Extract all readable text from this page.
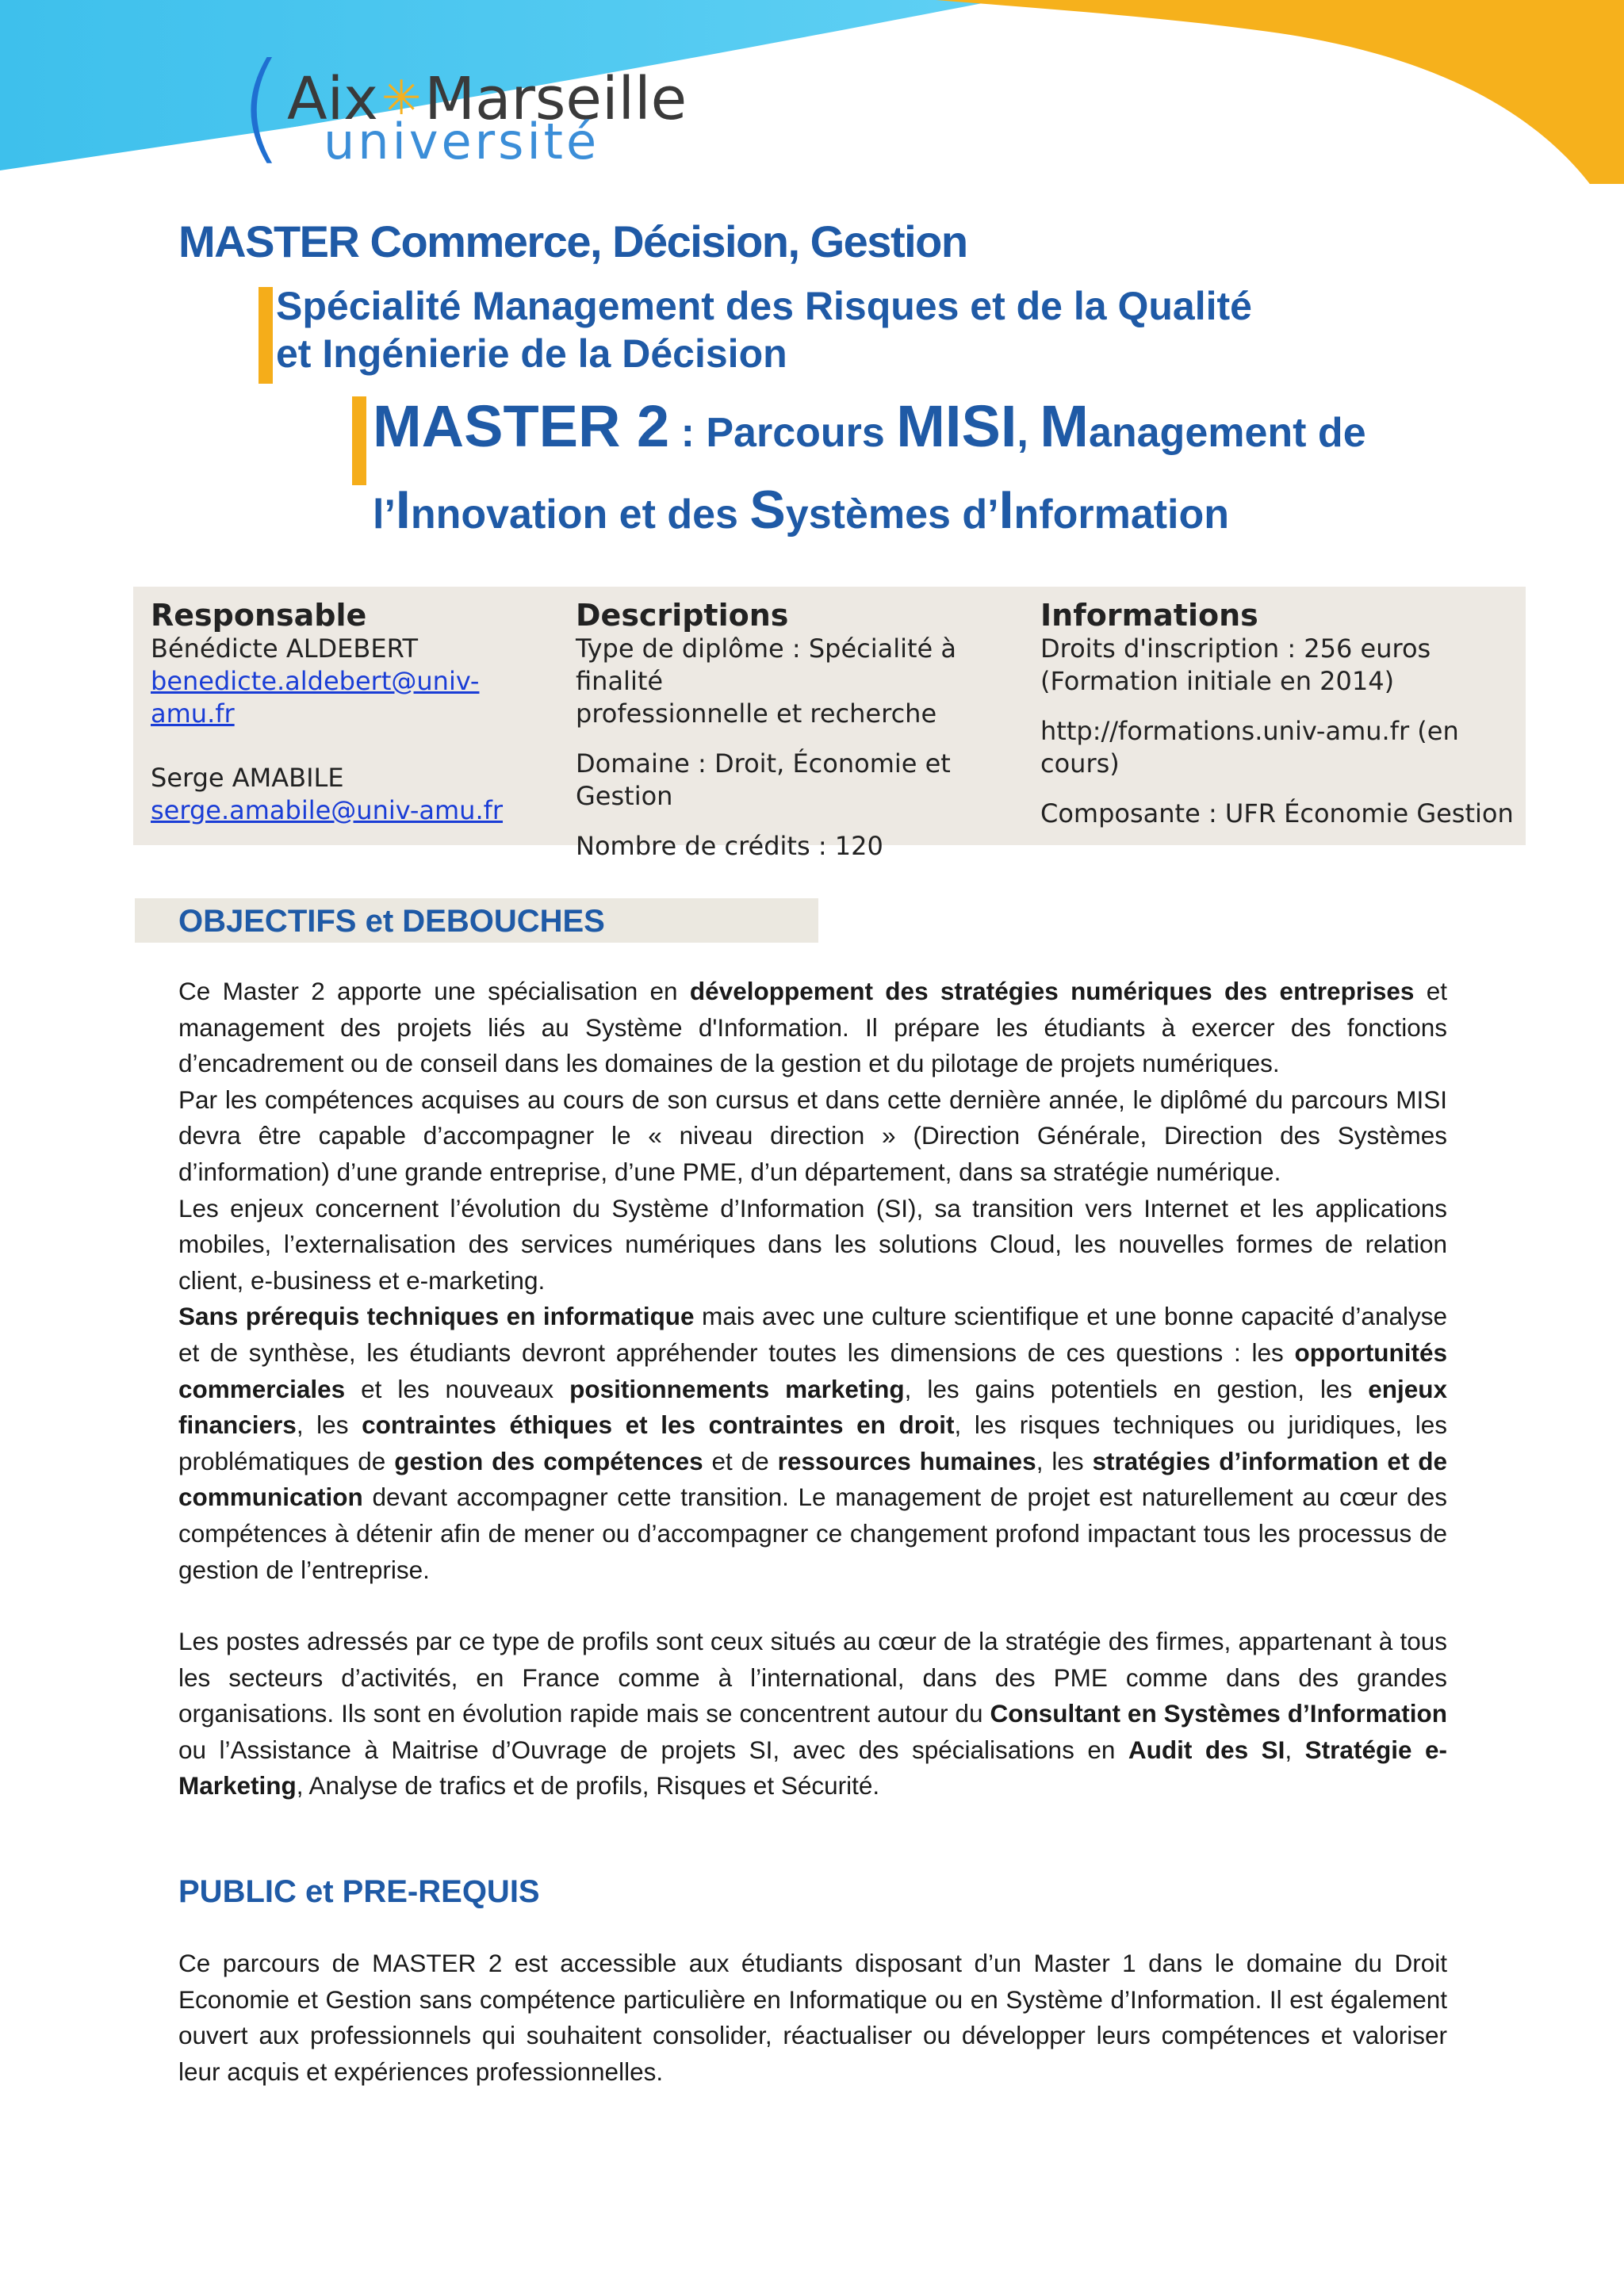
( Aix✳Marseille
université
MASTER Commerce, Décision, Gestion
Spécialité Management des Risques et de la Qualité
et Ingénierie de la Décision
MASTER 2 : Parcours MISI, Management de
l’Innovation et des Systèmes d’Information
Responsable
Bénédicte ALDEBERT
benedicte.aldebert@univ-amu.fr
Serge AMABILE
serge.amabile@univ-amu.fr
Descriptions
Type de diplôme : Spécialité à finalité
professionnelle et recherche
Domaine : Droit, Économie et Gestion
Nombre de crédits : 120
Informations
Droits d'inscription : 256 euros
(Formation initiale en 2014)
http://formations.univ-amu.fr (en cours)
Composante : UFR Économie Gestion
OBJECTIFS et DEBOUCHES
Ce Master 2 apporte une spécialisation en développement des stratégies numériques des entreprises et management des projets liés au Système d'Information. Il prépare les étudiants à exercer des fonctions d’encadrement ou de conseil dans les domaines de la gestion et du pilotage de projets numériques.
Par les compétences acquises au cours de son cursus et dans cette dernière année, le diplômé du parcours MISI devra être capable d’accompagner le « niveau direction » (Direction Générale, Direction des Systèmes d’information) d’une grande entreprise, d’une PME, d’un département, dans sa stratégie numérique.
Les enjeux concernent l’évolution du Système d’Information (SI), sa transition vers Internet et les applications mobiles, l’externalisation des services numériques dans les solutions Cloud, les nouvelles formes de relation client, e-business et e-marketing.
Sans prérequis techniques en informatique mais avec une culture scientifique et une bonne capacité d’analyse et de synthèse, les étudiants devront appréhender toutes les dimensions de ces questions : les opportunités commerciales et les nouveaux positionnements marketing, les gains potentiels en gestion, les enjeux financiers, les contraintes éthiques et les contraintes en droit, les risques techniques ou juridiques, les problématiques de gestion des compétences et de ressources humaines, les stratégies d’information et de communication devant accompagner cette transition. Le management de projet est naturellement au cœur des compétences à détenir afin de mener ou d’accompagner ce changement profond impactant tous les processus de gestion de l’entreprise.
Les postes adressés par ce type de profils sont ceux situés au cœur de la stratégie des firmes, appartenant à tous les secteurs d’activités, en France comme à l’international, dans des PME comme dans des grandes organisations. Ils sont en évolution rapide mais se concentrent autour du Consultant en Systèmes d’Information ou l’Assistance à Maitrise d’Ouvrage de projets SI, avec des spécialisations en Audit des SI, Stratégie e-Marketing, Analyse de trafics et de profils, Risques et Sécurité.
PUBLIC et PRE-REQUIS
Ce parcours de MASTER 2 est accessible aux étudiants disposant d’un Master 1 dans le domaine du Droit Economie et Gestion sans compétence particulière en Informatique ou en Système d’Information. Il est également ouvert aux professionnels qui souhaitent consolider, réactualiser ou développer leurs compétences et valoriser leur acquis et expériences professionnelles.
